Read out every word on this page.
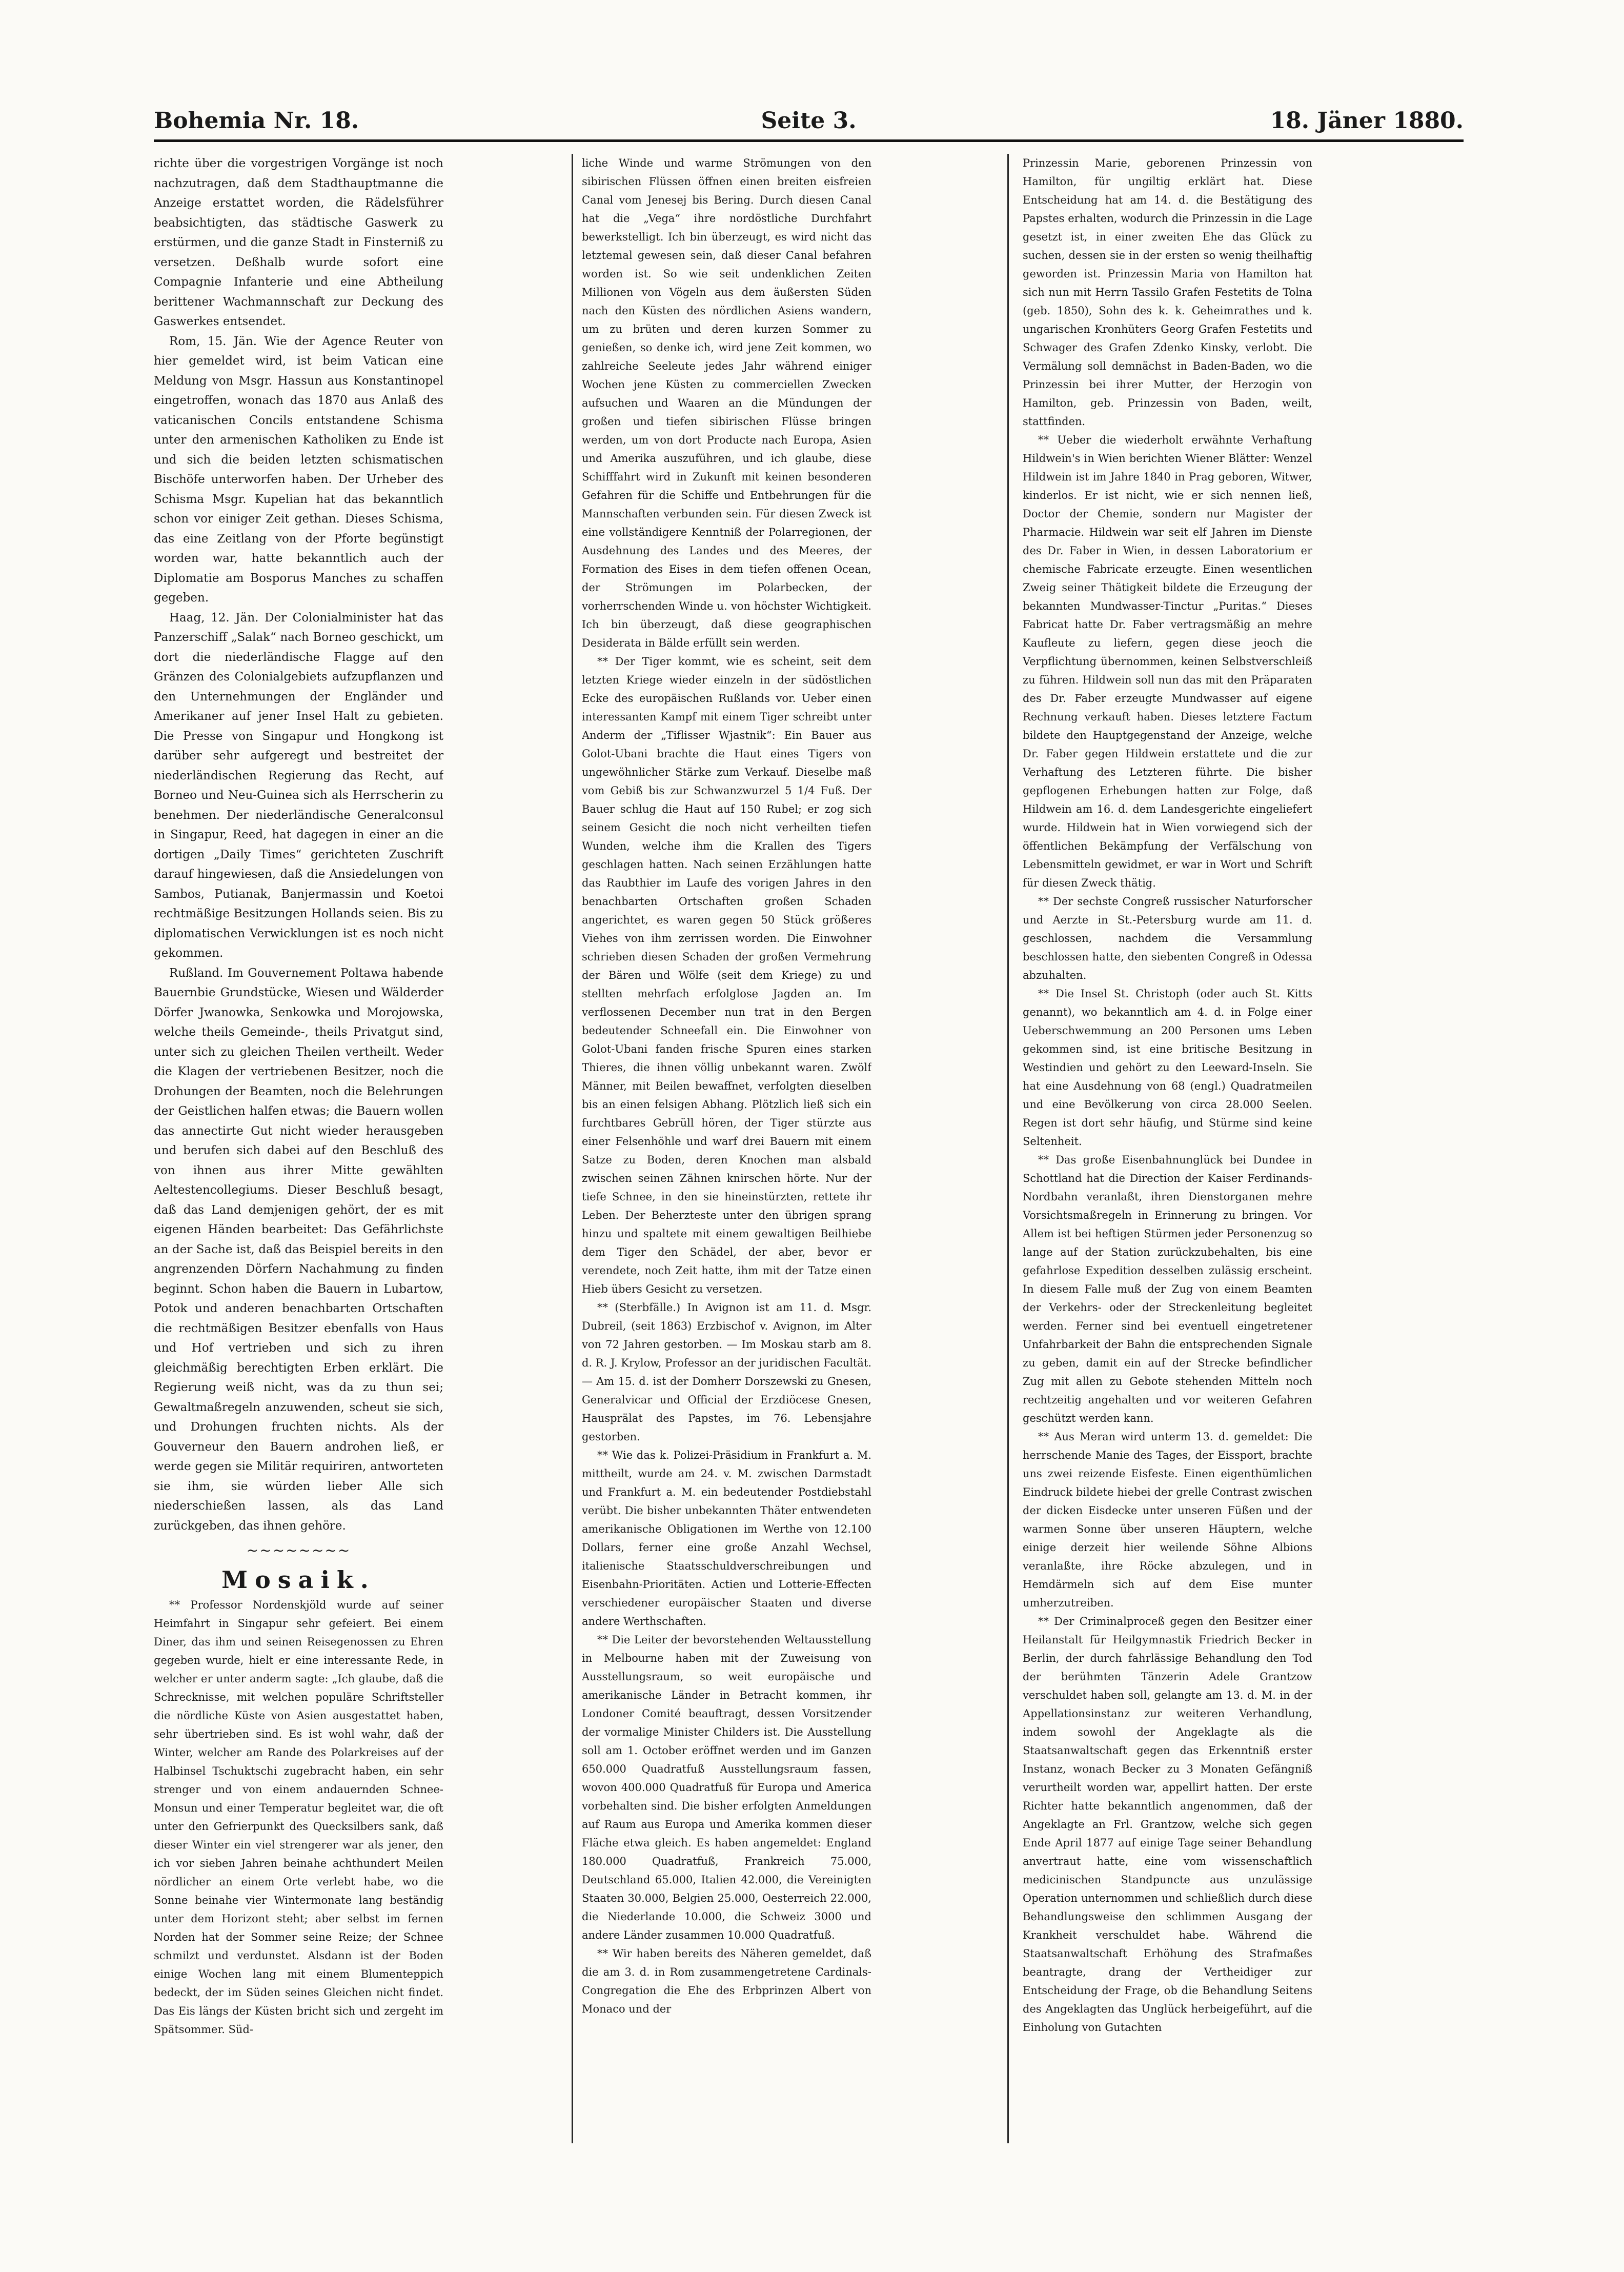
Bohemia Nr. 18.	Seite 3.	18. Jäner 1880.

richte über die vorgestrigen Vorgänge ist noch nachzutragen, daß dem Stadthauptmanne die Anzeige erstattet worden, die Rädelsführer beabsichtigten, das städtische Gaswerk zu erstürmen, und die ganze Stadt in Finsterniß zu versetzen. Deßhalb wurde sofort eine Compagnie Infanterie und eine Abtheilung berittener Wachmannschaft zur Deckung des Gaswerkes entsendet.

Rom, 15. Jän. Wie der Agence Reuter von hier gemeldet wird, ist beim Vatican eine Meldung von Msgr. Hassun aus Konstantinopel eingetroffen, wonach das 1870 aus Anlaß des vaticanischen Concils entstandene Schisma unter den armenischen Katholiken zu Ende ist und sich die beiden letzten schismatischen Bischöfe unterworfen haben. Der Urheber des Schisma Msgr. Kupelian hat das bekanntlich schon vor einiger Zeit gethan. Dieses Schisma, das eine Zeitlang von der Pforte begünstigt worden war, hatte bekanntlich auch der Diplomatie am Bosporus Manches zu schaffen gegeben.

Haag, 12. Jän. Der Colonialminister hat das Panzerschiff „Salak“ nach Borneo geschickt, um dort die niederländische Flagge auf den Gränzen des Colonialgebiets aufzupflanzen und den Unternehmungen der Engländer und Amerikaner auf jener Insel Halt zu gebieten. Die Presse von Singapur und Hongkong ist darüber sehr aufgeregt und bestreitet der niederländischen Regierung das Recht, auf Borneo und Neu-Guinea sich als Herrscherin zu benehmen. Der niederländische Generalconsul in Singapur, Reed, hat dagegen in einer an die dortigen „Daily Times“ gerichteten Zuschrift darauf hingewiesen, daß die Ansiedelungen von Sambos, Putianak, Banjermassin und Koetoi rechtmäßige Besitzungen Hollands seien. Bis zu diplomatischen Verwicklungen ist es noch nicht gekommen.

Rußland. Im Gouvernement Poltawa habende Bauernbie Grundstücke, Wiesen und Wälderder Dörfer Jwanowka, Senkowka und Morojowska, welche theils Gemeinde-, theils Privatgut sind, unter sich zu gleichen Theilen vertheilt. Weder die Klagen der vertriebenen Besitzer, noch die Drohungen der Beamten, noch die Belehrungen der Geistlichen halfen etwas; die Bauern wollen das annectirte Gut nicht wieder herausgeben und berufen sich dabei auf den Beschluß des von ihnen aus ihrer Mitte gewählten Aeltestencollegiums. Dieser Beschluß besagt, daß das Land demjenigen gehört, der es mit eigenen Händen bearbeitet: Das Gefährlichste an der Sache ist, daß das Beispiel bereits in den angrenzenden Dörfern Nachahmung zu finden beginnt. Schon haben die Bauern in Lubartow, Potok und anderen benachbarten Ortschaften die rechtmäßigen Besitzer ebenfalls von Haus und Hof vertrieben und sich zu ihren gleichmäßig berechtigten Erben erklärt. Die Regierung weiß nicht, was da zu thun sei; Gewaltmaßregeln anzuwenden, scheut sie sich, und Drohungen fruchten nichts. Als der Gouverneur den Bauern androhen ließ, er werde gegen sie Militär requiriren, antworteten sie ihm, sie würden lieber Alle sich niederschießen lassen, als das Land zurückgeben, das ihnen gehöre.

~~~~~~~~
Mosaik.

** Professor Nordenskjöld wurde auf seiner Heimfahrt in Singapur sehr gefeiert. Bei einem Diner, das ihm und seinen Reisegenossen zu Ehren gegeben wurde, hielt er eine interessante Rede, in welcher er unter anderm sagte: „Ich glaube, daß die Schrecknisse, mit welchen populäre Schriftsteller die nördliche Küste von Asien ausgestattet haben, sehr übertrieben sind. Es ist wohl wahr, daß der Winter, welcher am Rande des Polarkreises auf der Halbinsel Tschuktschi zugebracht haben, ein sehr strenger und von einem andauernden Schnee-Monsun und einer Temperatur begleitet war, die oft unter den Gefrierpunkt des Quecksilbers sank, daß dieser Winter ein viel strengerer war als jener, den ich vor sieben Jahren beinahe achthundert Meilen nördlicher an einem Orte verlebt habe, wo die Sonne beinahe vier Wintermonate lang beständig unter dem Horizont steht; aber selbst im fernen Norden hat der Sommer seine Reize; der Schnee schmilzt und verdunstet. Alsdann ist der Boden einige Wochen lang mit einem Blumenteppich bedeckt, der im Süden seines Gleichen nicht findet. Das Eis längs der Küsten bricht sich und zergeht im Spätsommer. Süd-

liche Winde und warme Strömungen von den sibirischen Flüssen öffnen einen breiten eisfreien Canal vom Jenesej bis Bering. Durch diesen Canal hat die „Vega“ ihre nordöstliche Durchfahrt bewerkstelligt. Ich bin überzeugt, es wird nicht das letztemal gewesen sein, daß dieser Canal befahren worden ist. So wie seit undenklichen Zeiten Millionen von Vögeln aus dem äußersten Süden nach den Küsten des nördlichen Asiens wandern, um zu brüten und deren kurzen Sommer zu genießen, so denke ich, wird jene Zeit kommen, wo zahlreiche Seeleute jedes Jahr während einiger Wochen jene Küsten zu commerciellen Zwecken aufsuchen und Waaren an die Mündungen der großen und tiefen sibirischen Flüsse bringen werden, um von dort Producte nach Europa, Asien und Amerika auszuführen, und ich glaube, diese Schifffahrt wird in Zukunft mit keinen besonderen Gefahren für die Schiffe und Entbehrungen für die Mannschaften verbunden sein. Für diesen Zweck ist eine vollständigere Kenntniß der Polarregionen, der Ausdehnung des Landes und des Meeres, der Formation des Eises in dem tiefen offenen Ocean, der Strömungen im Polarbecken, der vorherrschenden Winde u. von höchster Wichtigkeit. Ich bin überzeugt, daß diese geographischen Desiderata in Bälde erfüllt sein werden.

** Der Tiger kommt, wie es scheint, seit dem letzten Kriege wieder einzeln in der südöstlichen Ecke des europäischen Rußlands vor. Ueber einen interessanten Kampf mit einem Tiger schreibt unter Anderm der „Tiflisser Wjastnik“: Ein Bauer aus Golot-Ubani brachte die Haut eines Tigers von ungewöhnlicher Stärke zum Verkauf. Dieselbe maß vom Gebiß bis zur Schwanzwurzel 5 1/4 Fuß. Der Bauer schlug die Haut auf 150 Rubel; er zog sich seinem Gesicht die noch nicht verheilten tiefen Wunden, welche ihm die Krallen des Tigers geschlagen hatten. Nach seinen Erzählungen hatte das Raubthier im Laufe des vorigen Jahres in den benachbarten Ortschaften großen Schaden angerichtet, es waren gegen 50 Stück größeres Viehes von ihm zerrissen worden. Die Einwohner schrieben diesen Schaden der großen Vermehrung der Bären und Wölfe (seit dem Kriege) zu und stellten mehrfach erfolglose Jagden an. Im verflossenen December nun trat in den Bergen bedeutender Schneefall ein. Die Einwohner von Golot-Ubani fanden frische Spuren eines starken Thieres, die ihnen völlig unbekannt waren. Zwölf Männer, mit Beilen bewaffnet, verfolgten dieselben bis an einen felsigen Abhang. Plötzlich ließ sich ein furchtbares Gebrüll hören, der Tiger stürzte aus einer Felsenhöhle und warf drei Bauern mit einem Satze zu Boden, deren Knochen man alsbald zwischen seinen Zähnen knirschen hörte. Nur der tiefe Schnee, in den sie hineinstürzten, rettete ihr Leben. Der Beherzteste unter den übrigen sprang hinzu und spaltete mit einem gewaltigen Beilhiebe dem Tiger den Schädel, der aber, bevor er verendete, noch Zeit hatte, ihm mit der Tatze einen Hieb übers Gesicht zu versetzen.

** (Sterbfälle.) In Avignon ist am 11. d. Msgr. Dubreil, (seit 1863) Erzbischof v. Avignon, im Alter von 72 Jahren gestorben. — Im Moskau starb am 8. d. R. J. Krylow, Professor an der juridischen Facultät. — Am 15. d. ist der Domherr Dorszewski zu Gnesen, Generalvicar und Official der Erzdiöcese Gnesen, Hausprälat des Papstes, im 76. Lebensjahre gestorben.

** Wie das k. Polizei-Präsidium in Frankfurt a. M. mittheilt, wurde am 24. v. M. zwischen Darmstadt und Frankfurt a. M. ein bedeutender Postdiebstahl verübt. Die bisher unbekannten Thäter entwendeten amerikanische Obligationen im Werthe von 12.100 Dollars, ferner eine große Anzahl Wechsel, italienische Staatsschuldverschreibungen und Eisenbahn-Prioritäten. Actien und Lotterie-Effecten verschiedener europäischer Staaten und diverse andere Werthschaften.

** Die Leiter der bevorstehenden Weltausstellung in Melbourne haben mit der Zuweisung von Ausstellungsraum, so weit europäische und amerikanische Länder in Betracht kommen, ihr Londoner Comité beauftragt, dessen Vorsitzender der vormalige Minister Childers ist. Die Ausstellung soll am 1. October eröffnet werden und im Ganzen 650.000 Quadratfuß Ausstellungsraum fassen, wovon 400.000 Quadratfuß für Europa und America vorbehalten sind. Die bisher erfolgten Anmeldungen auf Raum aus Europa und Amerika kommen dieser Fläche etwa gleich. Es haben angemeldet: England 180.000 Quadratfuß, Frankreich 75.000, Deutschland 65.000, Italien 42.000, die Vereinigten Staaten 30.000, Belgien 25.000, Oesterreich 22.000, die Niederlande 10.000, die Schweiz 3000 und andere Länder zusammen 10.000 Quadratfuß.

** Wir haben bereits des Näheren gemeldet, daß die am 3. d. in Rom zusammengetretene Cardinals-Congregation die Ehe des Erbprinzen Albert von Monaco und der

Prinzessin Marie, geborenen Prinzessin von Hamilton, für ungiltig erklärt hat. Diese Entscheidung hat am 14. d. die Bestätigung des Papstes erhalten, wodurch die Prinzessin in die Lage gesetzt ist, in einer zweiten Ehe das Glück zu suchen, dessen sie in der ersten so wenig theilhaftig geworden ist. Prinzessin Maria von Hamilton hat sich nun mit Herrn Tassilo Grafen Festetits de Tolna (geb. 1850), Sohn des k. k. Geheimrathes und k. ungarischen Kronhüters Georg Grafen Festetits und Schwager des Grafen Zdenko Kinsky, verlobt. Die Vermälung soll demnächst in Baden-Baden, wo die Prinzessin bei ihrer Mutter, der Herzogin von Hamilton, geb. Prinzessin von Baden, weilt, stattfinden.

** Ueber die wiederholt erwähnte Verhaftung Hildwein's in Wien berichten Wiener Blätter: Wenzel Hildwein ist im Jahre 1840 in Prag geboren, Witwer, kinderlos. Er ist nicht, wie er sich nennen ließ, Doctor der Chemie, sondern nur Magister der Pharmacie. Hildwein war seit elf Jahren im Dienste des Dr. Faber in Wien, in dessen Laboratorium er chemische Fabricate erzeugte. Einen wesentlichen Zweig seiner Thätigkeit bildete die Erzeugung der bekannten Mundwasser-Tinctur „Puritas.“ Dieses Fabricat hatte Dr. Faber vertragsmäßig an mehre Kaufleute zu liefern, gegen diese jeoch die Verpflichtung übernommen, keinen Selbstverschleiß zu führen. Hildwein soll nun das mit den Präparaten des Dr. Faber erzeugte Mundwasser auf eigene Rechnung verkauft haben. Dieses letztere Factum bildete den Hauptgegenstand der Anzeige, welche Dr. Faber gegen Hildwein erstattete und die zur Verhaftung des Letzteren führte. Die bisher gepflogenen Erhebungen hatten zur Folge, daß Hildwein am 16. d. dem Landesgerichte eingeliefert wurde. Hildwein hat in Wien vorwiegend sich der öffentlichen Bekämpfung der Verfälschung von Lebensmitteln gewidmet, er war in Wort und Schrift für diesen Zweck thätig.

** Der sechste Congreß russischer Naturforscher und Aerzte in St.-Petersburg wurde am 11. d. geschlossen, nachdem die Versammlung beschlossen hatte, den siebenten Congreß in Odessa abzuhalten.

** Die Insel St. Christoph (oder auch St. Kitts genannt), wo bekanntlich am 4. d. in Folge einer Ueberschwemmung an 200 Personen ums Leben gekommen sind, ist eine britische Besitzung in Westindien und gehört zu den Leeward-Inseln. Sie hat eine Ausdehnung von 68 (engl.) Quadratmeilen und eine Bevölkerung von circa 28.000 Seelen. Regen ist dort sehr häufig, und Stürme sind keine Seltenheit.

** Das große Eisenbahnunglück bei Dundee in Schottland hat die Direction der Kaiser Ferdinands-Nordbahn veranlaßt, ihren Dienstorganen mehre Vorsichtsmaßregeln in Erinnerung zu bringen. Vor Allem ist bei heftigen Stürmen jeder Personenzug so lange auf der Station zurückzubehalten, bis eine gefahrlose Expedition desselben zulässig erscheint. In diesem Falle muß der Zug von einem Beamten der Verkehrs- oder der Streckenleitung begleitet werden. Ferner sind bei eventuell eingetretener Unfahrbarkeit der Bahn die entsprechenden Signale zu geben, damit ein auf der Strecke befindlicher Zug mit allen zu Gebote stehenden Mitteln noch rechtzeitig angehalten und vor weiteren Gefahren geschützt werden kann.

** Aus Meran wird unterm 13. d. gemeldet: Die herrschende Manie des Tages, der Eissport, brachte uns zwei reizende Eisfeste. Einen eigenthümlichen Eindruck bildete hiebei der grelle Contrast zwischen der dicken Eisdecke unter unseren Füßen und der warmen Sonne über unseren Häuptern, welche einige derzeit hier weilende Söhne Albions veranlaßte, ihre Röcke abzulegen, und in Hemdärmeln sich auf dem Eise munter umherzutreiben.

** Der Criminalproceß gegen den Besitzer einer Heilanstalt für Heilgymnastik Friedrich Becker in Berlin, der durch fahrlässige Behandlung den Tod der berühmten Tänzerin Adele Grantzow verschuldet haben soll, gelangte am 13. d. M. in der Appellationsinstanz zur weiteren Verhandlung, indem sowohl der Angeklagte als die Staatsanwaltschaft gegen das Erkenntniß erster Instanz, wonach Becker zu 3 Monaten Gefängniß verurtheilt worden war, appellirt hatten. Der erste Richter hatte bekanntlich angenommen, daß der Angeklagte an Frl. Grantzow, welche sich gegen Ende April 1877 auf einige Tage seiner Behandlung anvertraut hatte, eine vom wissenschaftlich medicinischen Standpuncte aus unzulässige Operation unternommen und schließlich durch diese Behandlungsweise den schlimmen Ausgang der Krankheit verschuldet habe. Während die Staatsanwaltschaft Erhöhung des Strafmaßes beantragte, drang der Vertheidiger zur Entscheidung der Frage, ob die Behandlung Seitens des Angeklagten das Unglück herbeigeführt, auf die Einholung von Gutachten
